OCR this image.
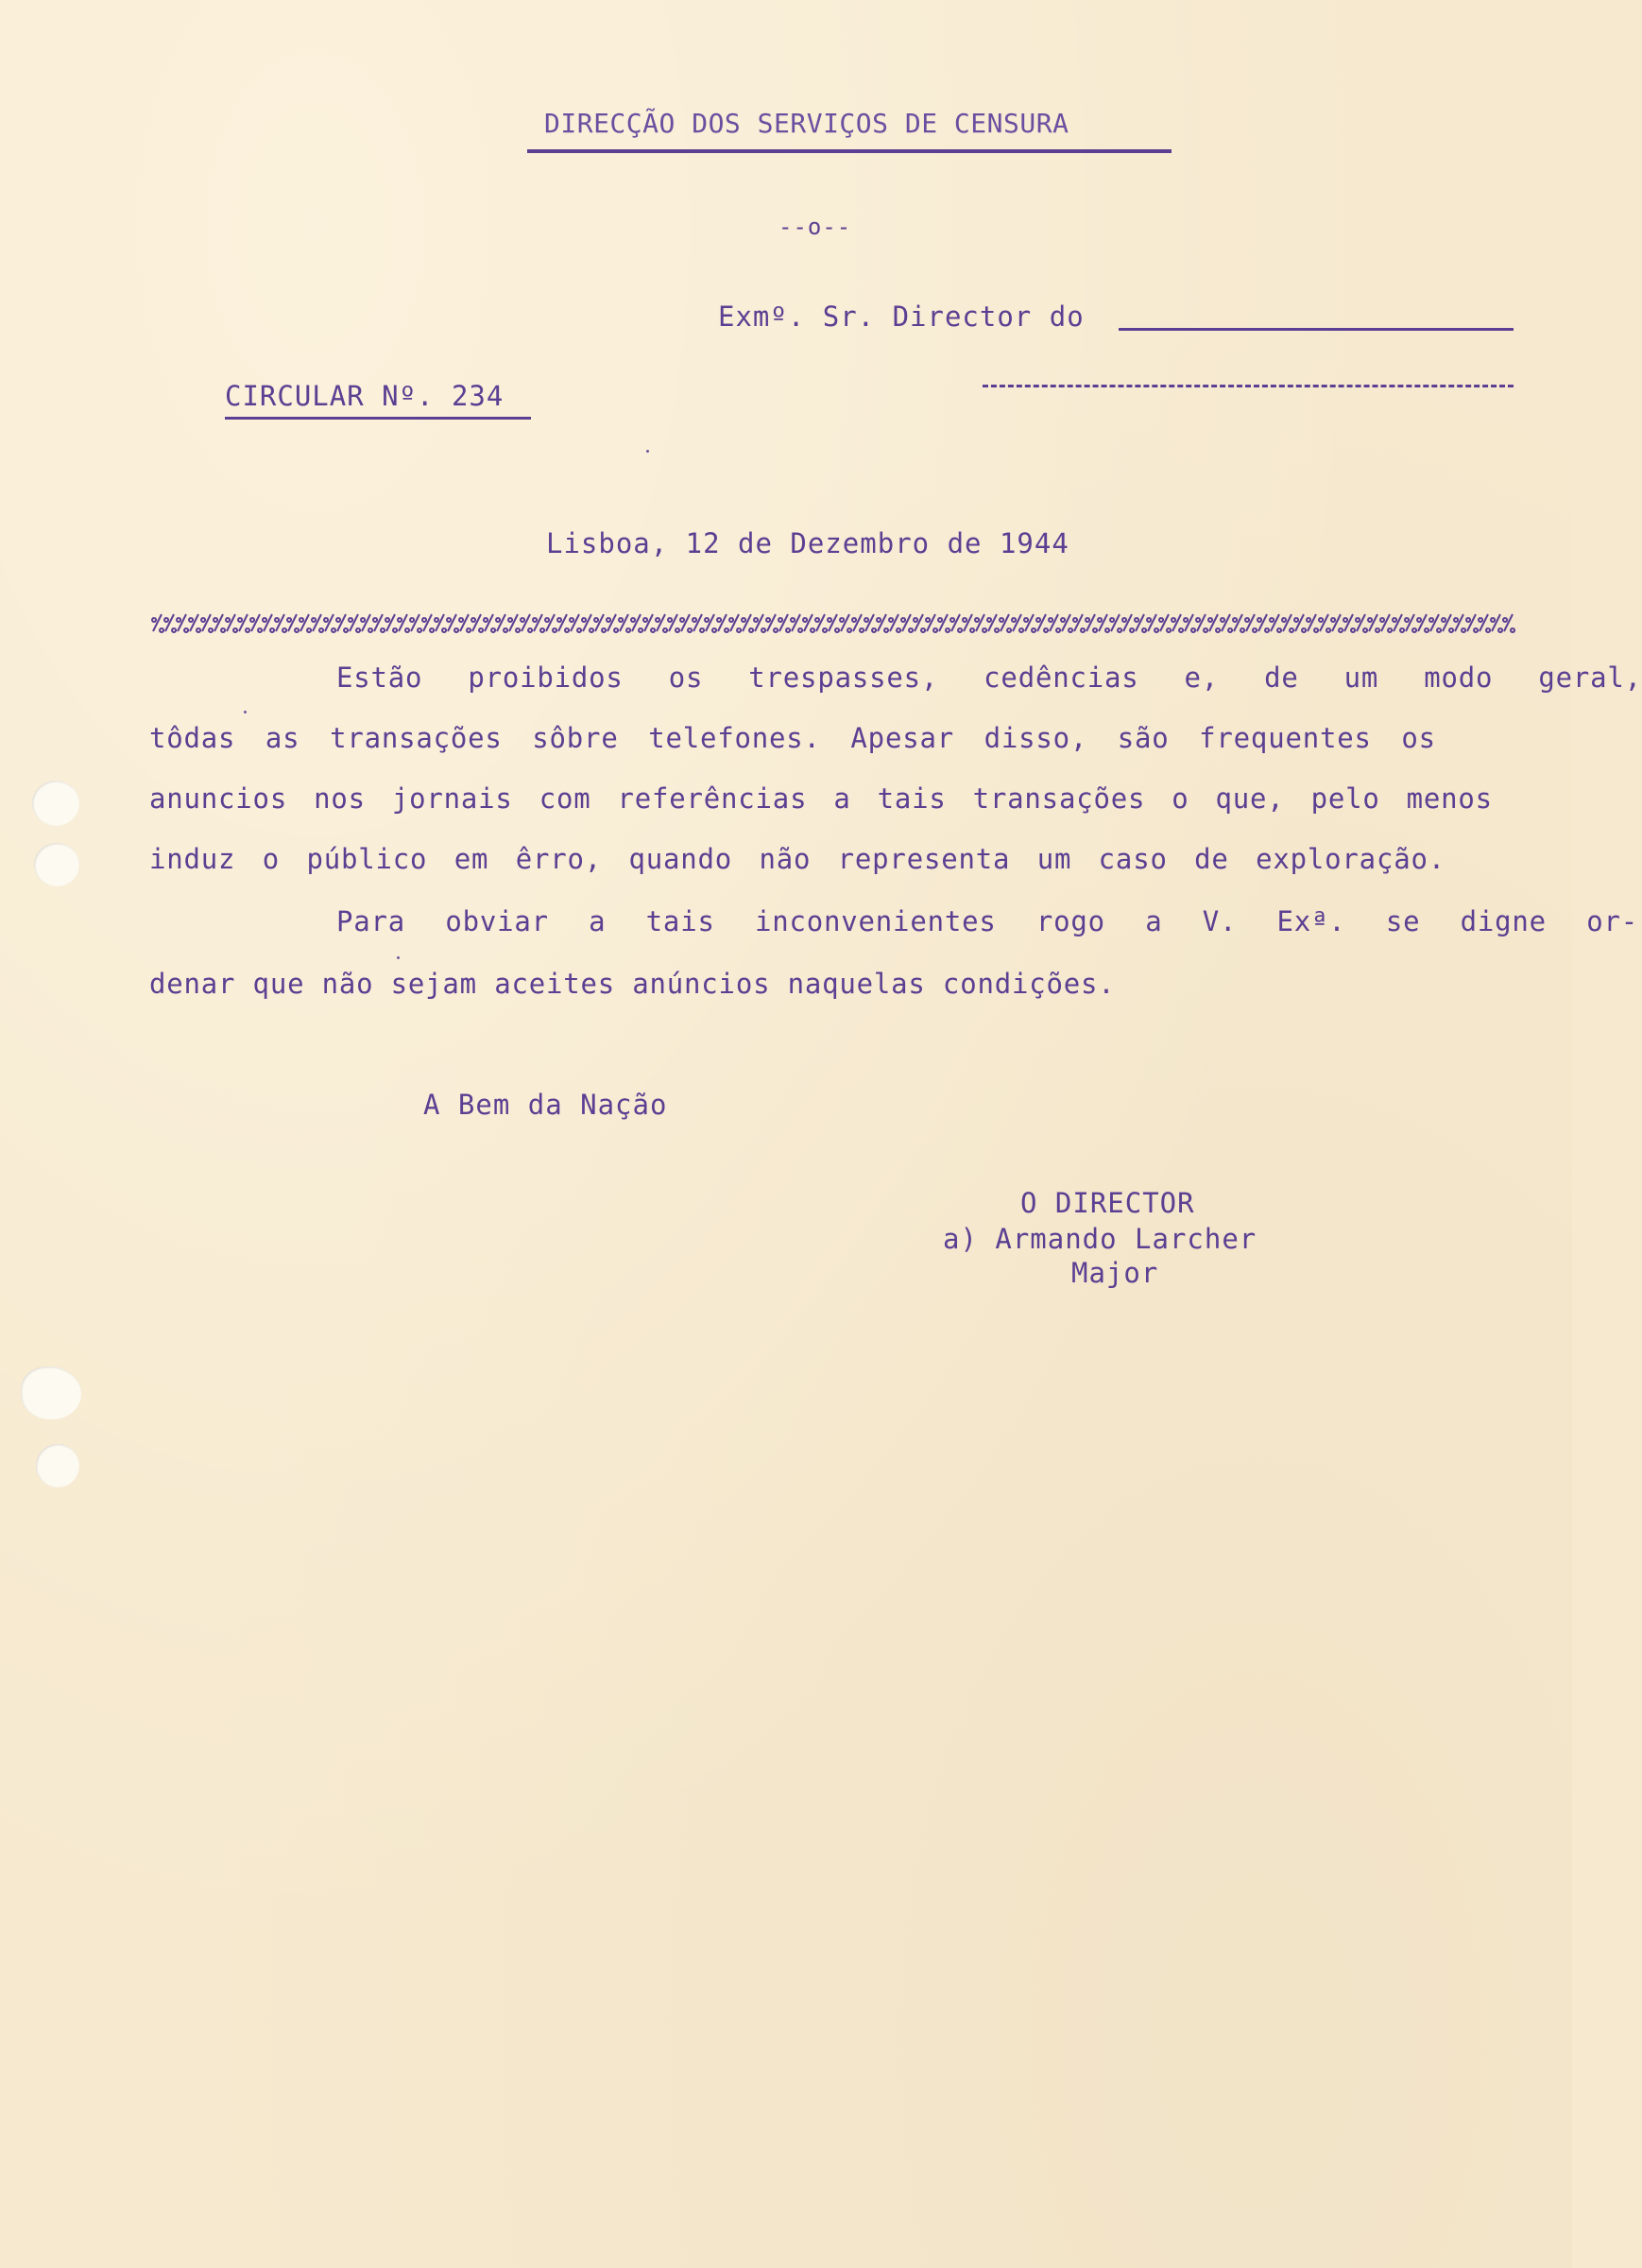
DIRECÇÃO DOS SERVIÇOS DE CENSURA
--o--
Exmº. Sr. Director do
CIRCULAR Nº. 234
Lisboa, 12 de Dezembro de 1944
Estão proibidos os trespasses, cedências e, de um modo geral,
tôdas as transações sôbre telefones. Apesar disso, são frequentes os
anuncios nos jornais com referências a tais transações o que, pelo menos
induz o público em êrro, quando não representa um caso de exploração.
Para obviar a tais inconvenientes rogo a V. Exª. se digne or-
denar que não sejam aceites anúncios naquelas condições.
A Bem da Nação
O DIRECTOR
a) Armando Larcher
Major
